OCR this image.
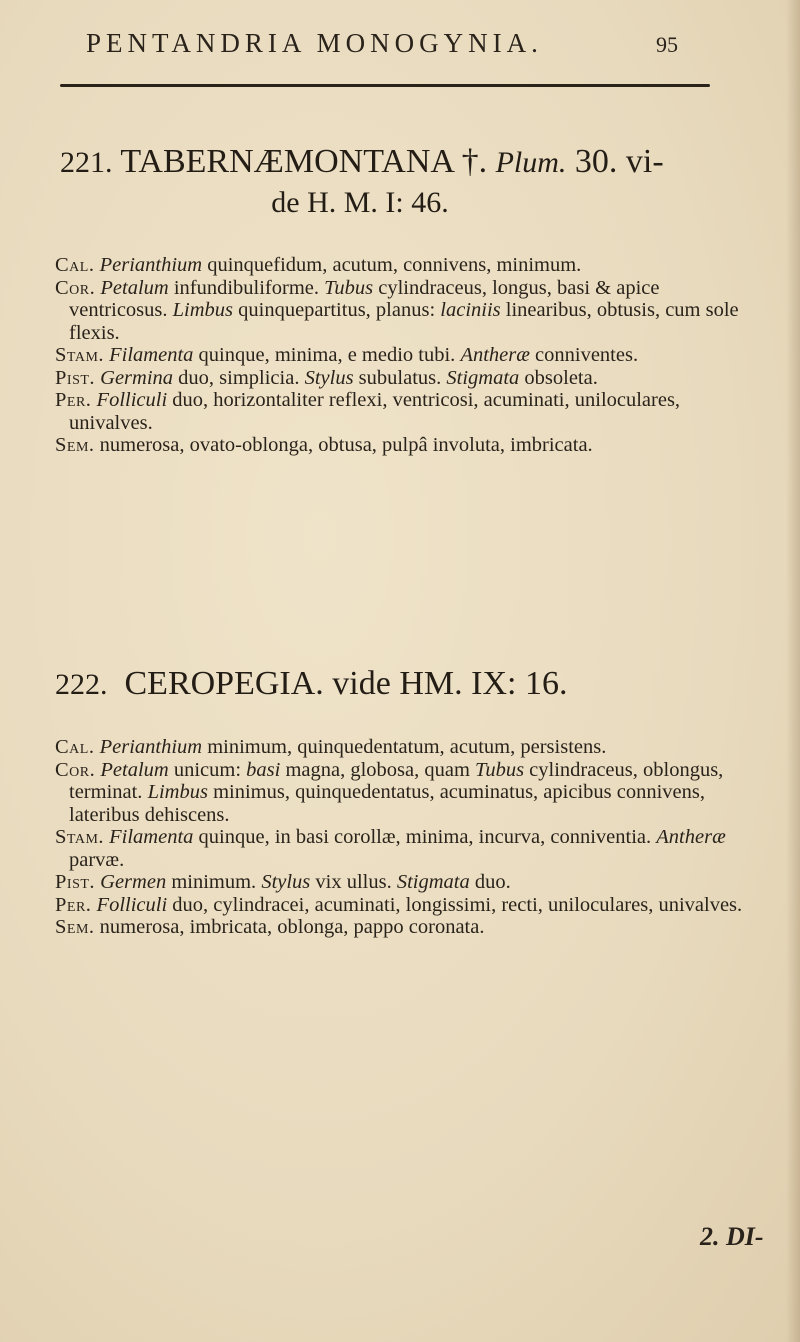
PENTANDRIA MONOGYNIA.	95
221. TABERNÆMONTANA †. Plum. 30. vi-
de H. M. I: 46.

Cal. Perianthium quinquefidum, acutum, connivens, minimum.

Cor. Petalum infundibuliforme. Tubus cylindraceus, longus, basi & apice ventricosus. Limbus quinquepartitus, planus: laciniis linearibus, obtusis, cum sole flexis.

Stam. Filamenta quinque, minima, e medio tubi. Antheræ conniventes.

Pist. Germina duo, simplicia. Stylus subulatus. Stigmata obsoleta.

Per. Folliculi duo, horizontaliter reflexi, ventricosi, acuminati, uniloculares, univalves.

Sem. numerosa, ovato-oblonga, obtusa, pulpâ involuta, imbricata.

222. CEROPEGIA. vide HM. IX: 16.

Cal. Perianthium minimum, quinquedentatum, acutum, persistens.

Cor. Petalum unicum: basi magna, globosa, quam Tubus cylindraceus, oblongus, terminat. Limbus minimus, quinquedentatus, acuminatus, apicibus connivens, lateribus dehiscens.

Stam. Filamenta quinque, in basi corollæ, minima, incurva, conniventia. Antheræ parvæ.

Pist. Germen minimum. Stylus vix ullus. Stigmata duo.

Per. Folliculi duo, cylindracei, acuminati, longissimi, recti, uniloculares, univalves.

Sem. numerosa, imbricata, oblonga, pappo coronata.

2. DI-
